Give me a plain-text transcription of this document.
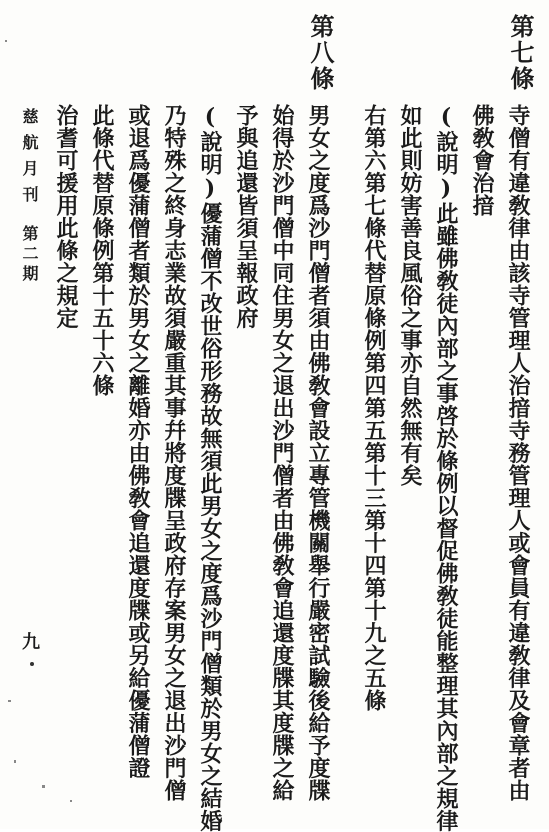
第七條
寺僧有違敎律由該寺管理人治揞寺務管理人或會員有違敎律及會章者由
佛敎會治揞
(說明)此雖佛敎徒內部之事啓於條例以督促佛敎徒能整理其內部之規律
如此則妨害善良風俗之事亦自然無有矣
右第六第七條代替原條例第四第五第十三第十四第十九之五條
第八條
男女之度爲沙門僧者須由佛敎會設立專管機關舉行嚴密試驗後給予度牒
始得於沙門僧中同住男女之退出沙門僧者由佛敎會追還度牒其度牒之給
予與追還皆須呈報政府
(說明)優蒲僧不改世俗形務故無須此男女之度爲沙門僧類於男女之結婚
乃特殊之終身志業故須嚴重其事幷將度牒呈政府存案男女之退出沙門僧
或退爲優蒲僧者類於男女之離婚亦由佛敎會追還度牒或另給優蒲僧證
此條代替原條例第十五十六條
慈航月刊
第二期
九
治耆可援用此條之規定
